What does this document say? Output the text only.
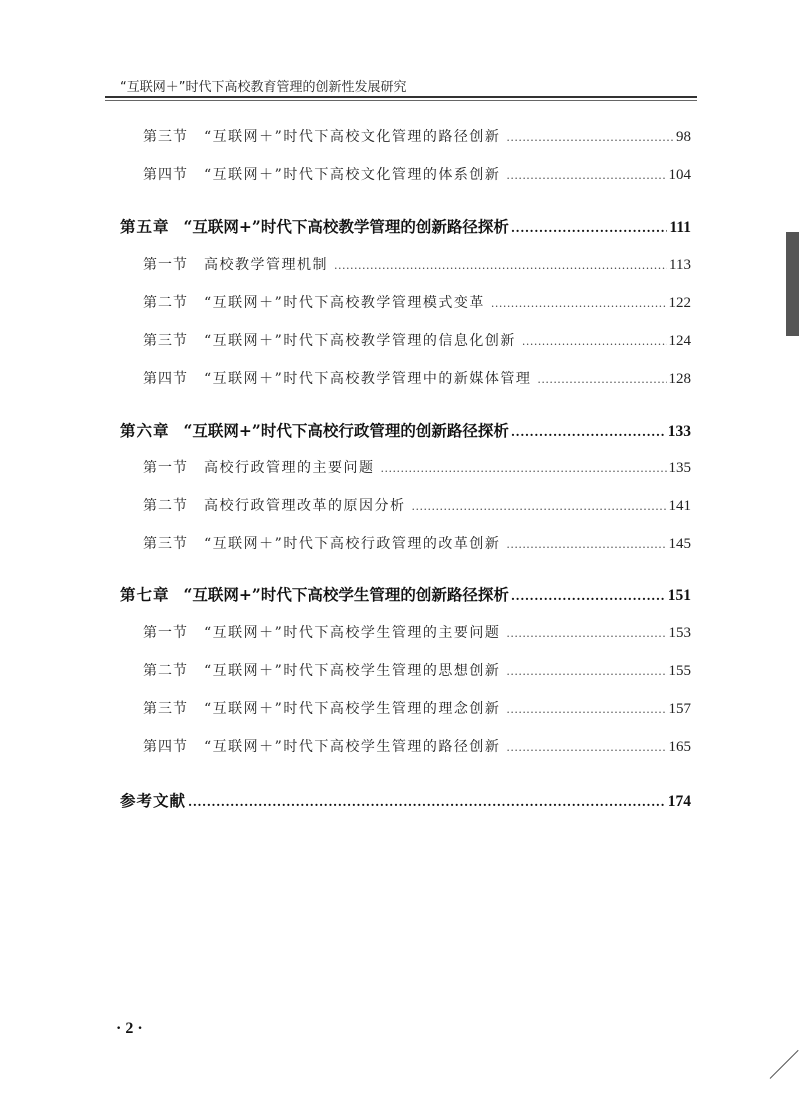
“互联网＋”时代下高校教育管理的创新性发展研究
第三节 “互联网＋”时代下高校文化管理的路径创新 .....	98
第四节 “互联网＋”时代下高校文化管理的体系创新 .....	104
第五章 “互联网+”时代下高校教学管理的创新路径探析 .....	111
第一节 高校教学管理机制 .....	113
第二节 “互联网＋”时代下高校教学管理模式变革 .....	122
第三节 “互联网＋”时代下高校教学管理的信息化创新 .....	124
第四节 “互联网＋”时代下高校教学管理中的新媒体管理 .....	128
第六章 “互联网+”时代下高校行政管理的创新路径探析 .....	133
第一节 高校行政管理的主要问题 .....	135
第二节 高校行政管理改革的原因分析 .....	141
第三节 “互联网＋”时代下高校行政管理的改革创新 .....	145
第七章 “互联网+”时代下高校学生管理的创新路径探析 .....	151
第一节 “互联网＋”时代下高校学生管理的主要问题 .....	153
第二节 “互联网＋”时代下高校学生管理的思想创新 .....	155
第三节 “互联网＋”时代下高校学生管理的理念创新 .....	157
第四节 “互联网＋”时代下高校学生管理的路径创新 .....	165
参考文献 .....	174
· 2 ·
